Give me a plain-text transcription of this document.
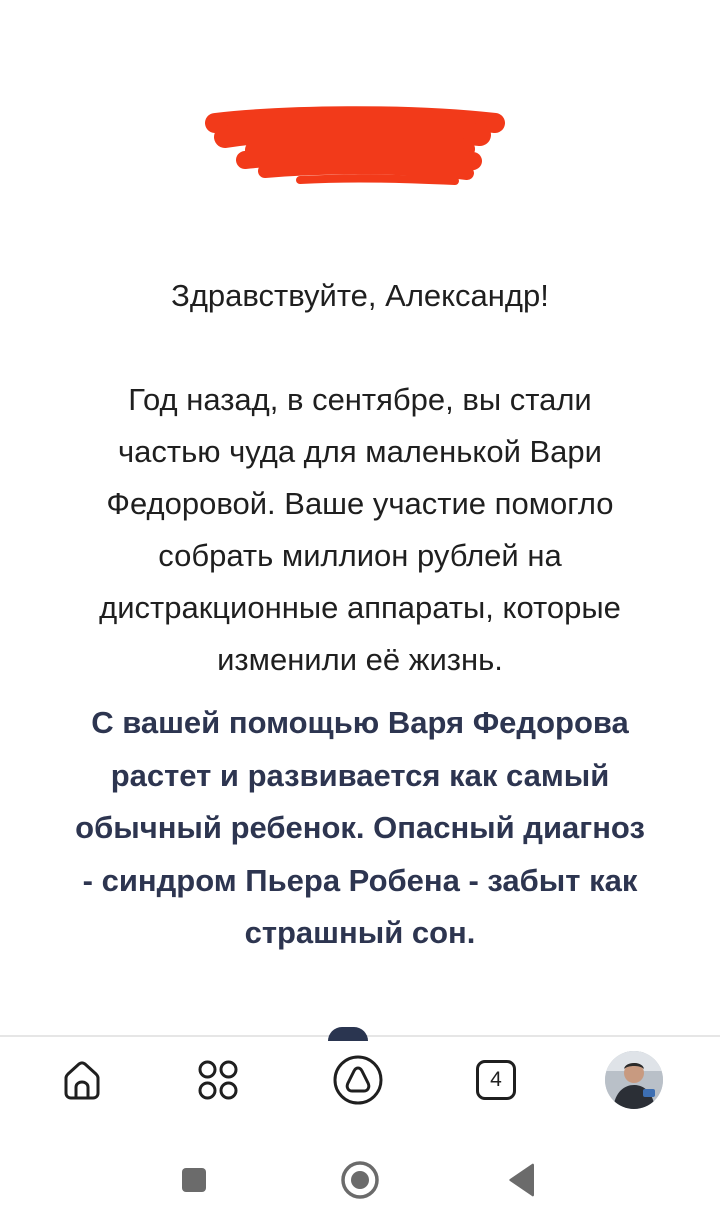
Здравствуйте, Александр!

Год назад, в сентябре, вы стали
частью чуда для маленькой Вари
Федоровой. Ваше участие помогло
собрать миллион рублей на
дистракционные аппараты, которые
изменили её жизнь.

С вашей помощью Варя Федорова
растет и развивается как самый
обычный ребенок. Опасный диагноз
- синдром Пьера Робена - забыт как
страшный сон.

4
